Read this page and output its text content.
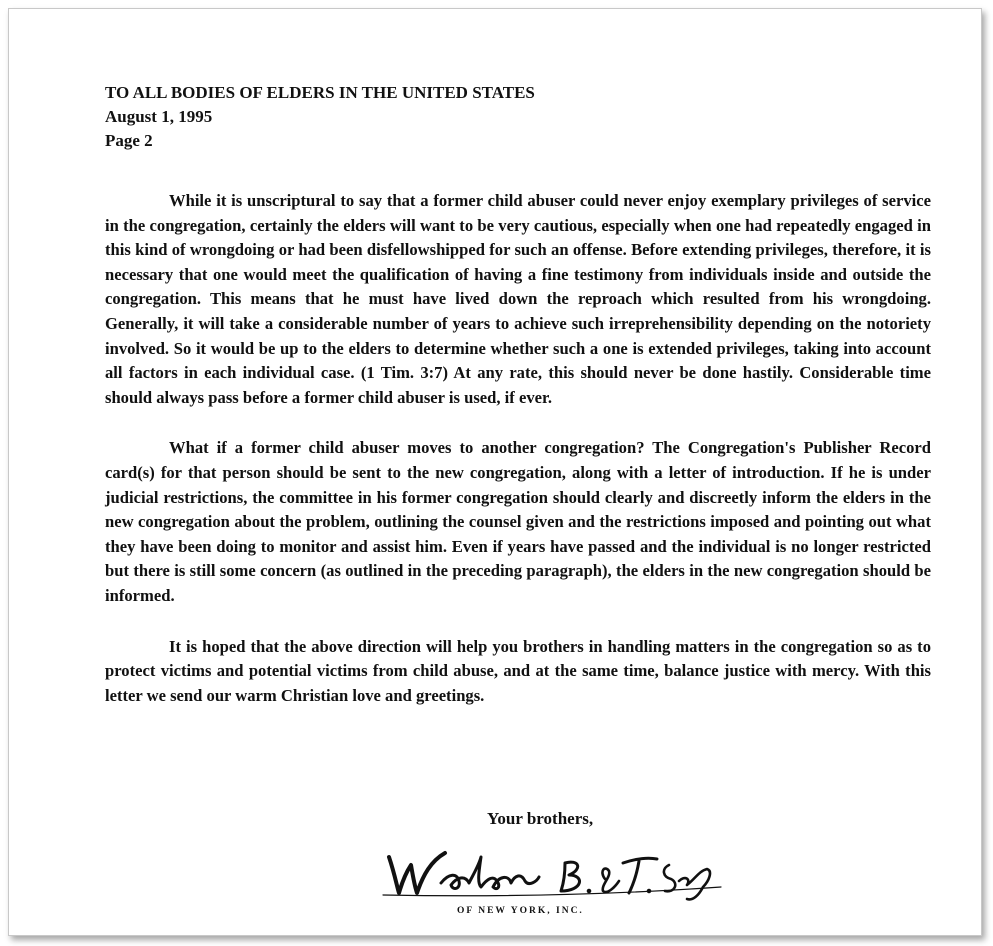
TO ALL BODIES OF ELDERS IN THE UNITED STATES
August 1, 1995
Page 2

While it is unscriptural to say that a former child abuser could never enjoy exemplary privileges of service in the congregation, certainly the elders will want to be very cautious, especially when one had repeatedly engaged in this kind of wrongdoing or had been disfellowshipped for such an offense. Before extending privileges, therefore, it is necessary that one would meet the qualification of having a fine testimony from individuals inside and outside the congregation. This means that he must have lived down the reproach which resulted from his wrongdoing. Generally, it will take a considerable number of years to achieve such irreprehensibility depending on the notoriety involved. So it would be up to the elders to determine whether such a one is extended privileges, taking into account all factors in each individual case. (1 Tim. 3:7) At any rate, this should never be done hastily. Considerable time should always pass before a former child abuser is used, if ever.

What if a former child abuser moves to another congregation? The Congregation's Publisher Record card(s) for that person should be sent to the new congregation, along with a letter of introduction. If he is under judicial restrictions, the committee in his former congregation should clearly and discreetly inform the elders in the new congregation about the problem, outlining the counsel given and the restrictions imposed and pointing out what they have been doing to monitor and assist him. Even if years have passed and the individual is no longer restricted but there is still some concern (as outlined in the preceding paragraph), the elders in the new congregation should be informed.

It is hoped that the above direction will help you brothers in handling matters in the congregation so as to protect victims and potential victims from child abuse, and at the same time, balance justice with mercy. With this letter we send our warm Christian love and greetings.

Your brothers,
OF NEW YORK, INC.
